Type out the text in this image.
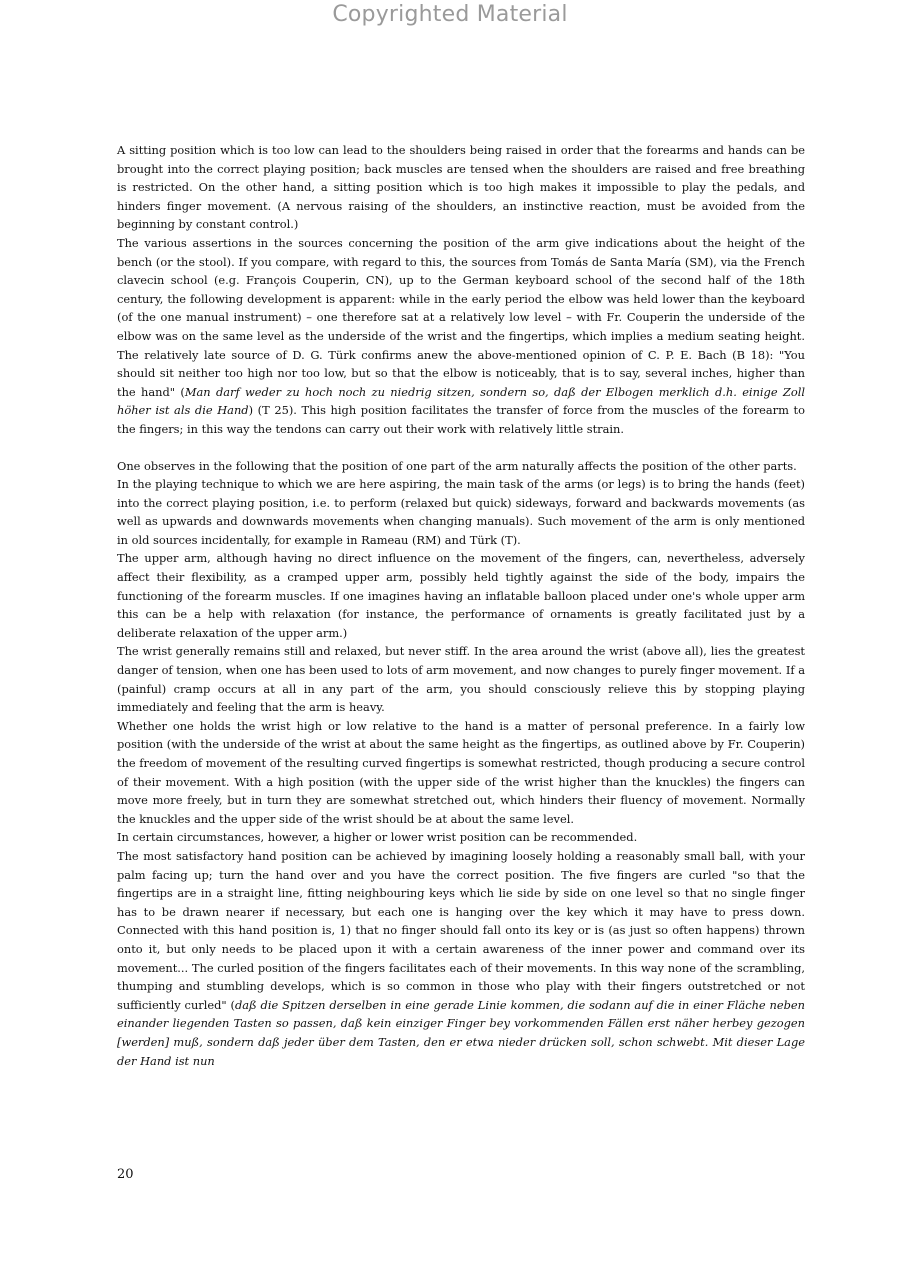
Copyrighted Material

A sitting position which is too low can lead to the shoulders being raised in order that the forearms and hands can be brought into the correct playing position; back muscles are tensed when the shoulders are raised and free breathing is restricted. On the other hand, a sitting position which is too high makes it impossible to play the pedals, and hinders finger movement. (A nervous raising of the shoulders, an instinctive reaction, must be avoided from the beginning by constant control.)

The various assertions in the sources concerning the position of the arm give indications about the height of the bench (or the stool). If you compare, with regard to this, the sources from Tomás de Santa María (SM), via the French clavecin school (e.g. François Couperin, CN), up to the German keyboard school of the second half of the 18th century, the following development is apparent: while in the early period the elbow was held lower than the keyboard (of the one manual instrument) – one therefore sat at a relatively low level – with Fr. Couperin the underside of the elbow was on the same level as the underside of the wrist and the fingertips, which implies a medium seating height. The relatively late source of D. G. Türk confirms anew the above-mentioned opinion of C. P. E. Bach (B 18): "You should sit neither too high nor too low, but so that the elbow is noticeably, that is to say, several inches, higher than the hand" (Man darf weder zu hoch noch zu niedrig sitzen, sondern so, daß der Elbogen merklich d.h. einige Zoll höher ist als die Hand) (T 25). This high position facilitates the transfer of force from the muscles of the forearm to the fingers; in this way the tendons can carry out their work with relatively little strain.

One observes in the following that the position of one part of the arm naturally affects the position of the other parts.

In the playing technique to which we are here aspiring, the main task of the arms (or legs) is to bring the hands (feet) into the correct playing position, i.e. to perform (relaxed but quick) sideways, forward and backwards movements (as well as upwards and downwards movements when changing manuals). Such movement of the arm is only mentioned in old sources incidentally, for example in Rameau (RM) and Türk (T).

The upper arm, although having no direct influence on the movement of the fingers, can, nevertheless, adversely affect their flexibility, as a cramped upper arm, possibly held tightly against the side of the body, impairs the functioning of the forearm muscles. If one imagines having an inflatable balloon placed under one's whole upper arm this can be a help with relaxation (for instance, the performance of ornaments is greatly facilitated just by a deliberate relaxation of the upper arm.)

The wrist generally remains still and relaxed, but never stiff. In the area around the wrist (above all), lies the greatest danger of tension, when one has been used to lots of arm movement, and now changes to purely finger movement. If a (painful) cramp occurs at all in any part of the arm, you should consciously relieve this by stopping playing immediately and feeling that the arm is heavy.

Whether one holds the wrist high or low relative to the hand is a matter of personal preference. In a fairly low position (with the underside of the wrist at about the same height as the fingertips, as outlined above by Fr. Couperin) the freedom of movement of the resulting curved fingertips is somewhat restricted, though producing a secure control of their movement. With a high position (with the upper side of the wrist higher than the knuckles) the fingers can move more freely, but in turn they are somewhat stretched out, which hinders their fluency of movement. Normally the knuckles and the upper side of the wrist should be at about the same level.

In certain circumstances, however, a higher or lower wrist position can be recommended.

The most satisfactory hand position can be achieved by imagining loosely holding a reasonably small ball, with your palm facing up; turn the hand over and you have the correct position. The five fingers are curled "so that the fingertips are in a straight line, fitting neighbouring keys which lie side by side on one level so that no single finger has to be drawn nearer if necessary, but each one is hanging over the key which it may have to press down. Connected with this hand position is, 1) that no finger should fall onto its key or is (as just so often happens) thrown onto it, but only needs to be placed upon it with a certain awareness of the inner power and command over its movement... The curled position of the fingers facilitates each of their movements. In this way none of the scrambling, thumping and stumbling develops, which is so common in those who play with their fingers outstretched or not sufficiently curled" (daß die Spitzen derselben in eine gerade Linie kommen, die sodann auf die in einer Fläche neben einander liegenden Tasten so passen, daß kein einziger Finger bey vorkommenden Fällen erst näher herbey gezogen [werden] muß, sondern daß jeder über dem Tasten, den er etwa nieder drücken soll, schon schwebt. Mit dieser Lage der Hand ist nun

20
